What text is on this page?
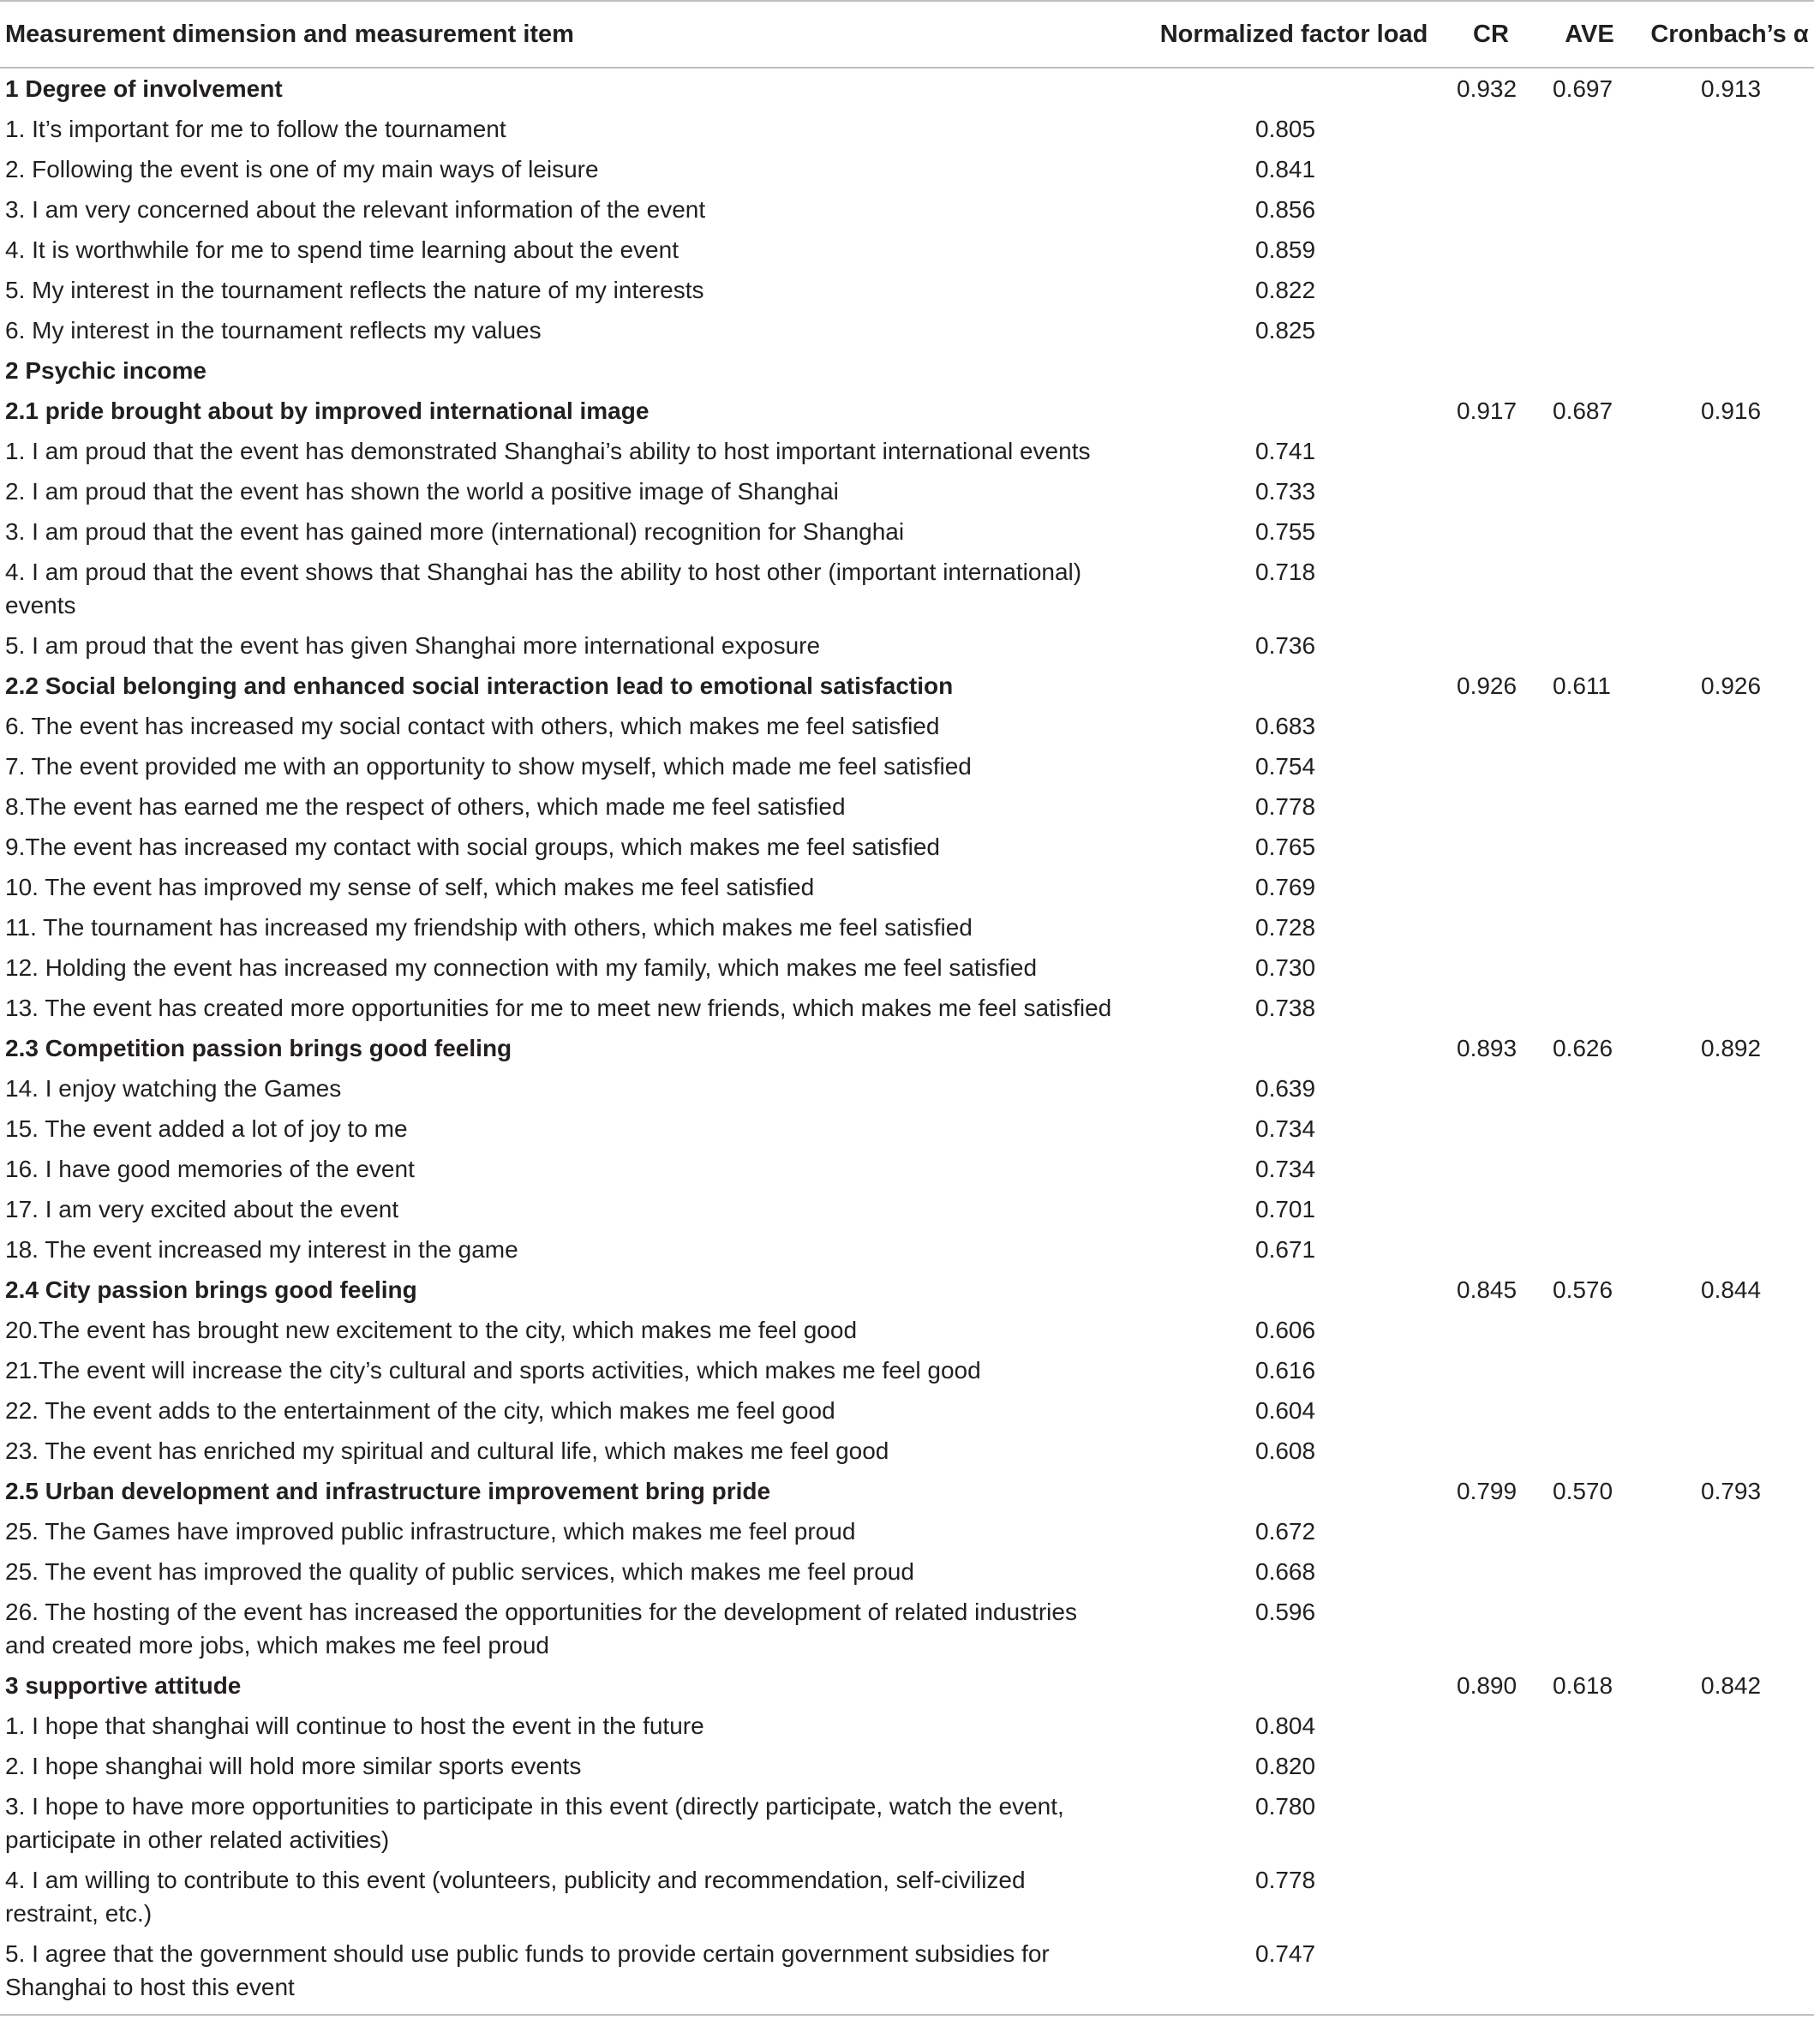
Measurement dimension and measurement item	Normalized factor load	CR	AVE	Cronbach’s α
1 Degree of involvement		0.932	0.697	0.913
1. It’s important for me to follow the tournament	0.805			
2. Following the event is one of my main ways of leisure	0.841			
3. I am very concerned about the relevant information of the event	0.856			
4. It is worthwhile for me to spend time learning about the event	0.859			
5. My interest in the tournament reflects the nature of my interests	0.822			
6. My interest in the tournament reflects my values	0.825			
2 Psychic income				
2.1 pride brought about by improved international image		0.917	0.687	0.916
1. I am proud that the event has demonstrated Shanghai’s ability to host important international events	0.741			
2. I am proud that the event has shown the world a positive image of Shanghai	0.733			
3. I am proud that the event has gained more (international) recognition for Shanghai	0.755			
4. I am proud that the event shows that Shanghai has the ability to host other (important international) events	0.718			
5. I am proud that the event has given Shanghai more international exposure	0.736			
2.2 Social belonging and enhanced social interaction lead to emotional satisfaction		0.926	0.611	0.926
6. The event has increased my social contact with others, which makes me feel satisfied	0.683			
7. The event provided me with an opportunity to show myself, which made me feel satisfied	0.754			
8.The event has earned me the respect of others, which made me feel satisfied	0.778			
9.The event has increased my contact with social groups, which makes me feel satisfied	0.765			
10. The event has improved my sense of self, which makes me feel satisfied	0.769			
11. The tournament has increased my friendship with others, which makes me feel satisfied	0.728			
12. Holding the event has increased my connection with my family, which makes me feel satisfied	0.730			
13. The event has created more opportunities for me to meet new friends, which makes me feel satisfied	0.738			
2.3 Competition passion brings good feeling		0.893	0.626	0.892
14. I enjoy watching the Games	0.639			
15. The event added a lot of joy to me	0.734			
16. I have good memories of the event	0.734			
17. I am very excited about the event	0.701			
18. The event increased my interest in the game	0.671			
2.4 City passion brings good feeling		0.845	0.576	0.844
20.The event has brought new excitement to the city, which makes me feel good	0.606			
21.The event will increase the city’s cultural and sports activities, which makes me feel good	0.616			
22. The event adds to the entertainment of the city, which makes me feel good	0.604			
23. The event has enriched my spiritual and cultural life, which makes me feel good	0.608			
2.5 Urban development and infrastructure improvement bring pride		0.799	0.570	0.793
25. The Games have improved public infrastructure, which makes me feel proud	0.672			
25. The event has improved the quality of public services, which makes me feel proud	0.668			
26. The hosting of the event has increased the opportunities for the development of related industries and created more jobs, which makes me feel proud	0.596			
3 supportive attitude		0.890	0.618	0.842
1. I hope that shanghai will continue to host the event in the future	0.804			
2. I hope shanghai will hold more similar sports events	0.820			
3. I hope to have more opportunities to participate in this event (directly participate, watch the event, participate in other related activities)	0.780			
4. I am willing to contribute to this event (volunteers, publicity and recommendation, self-civilized restraint, etc.)	0.778			
5. I agree that the government should use public funds to provide certain government subsidies for Shanghai to host this event	0.747			
